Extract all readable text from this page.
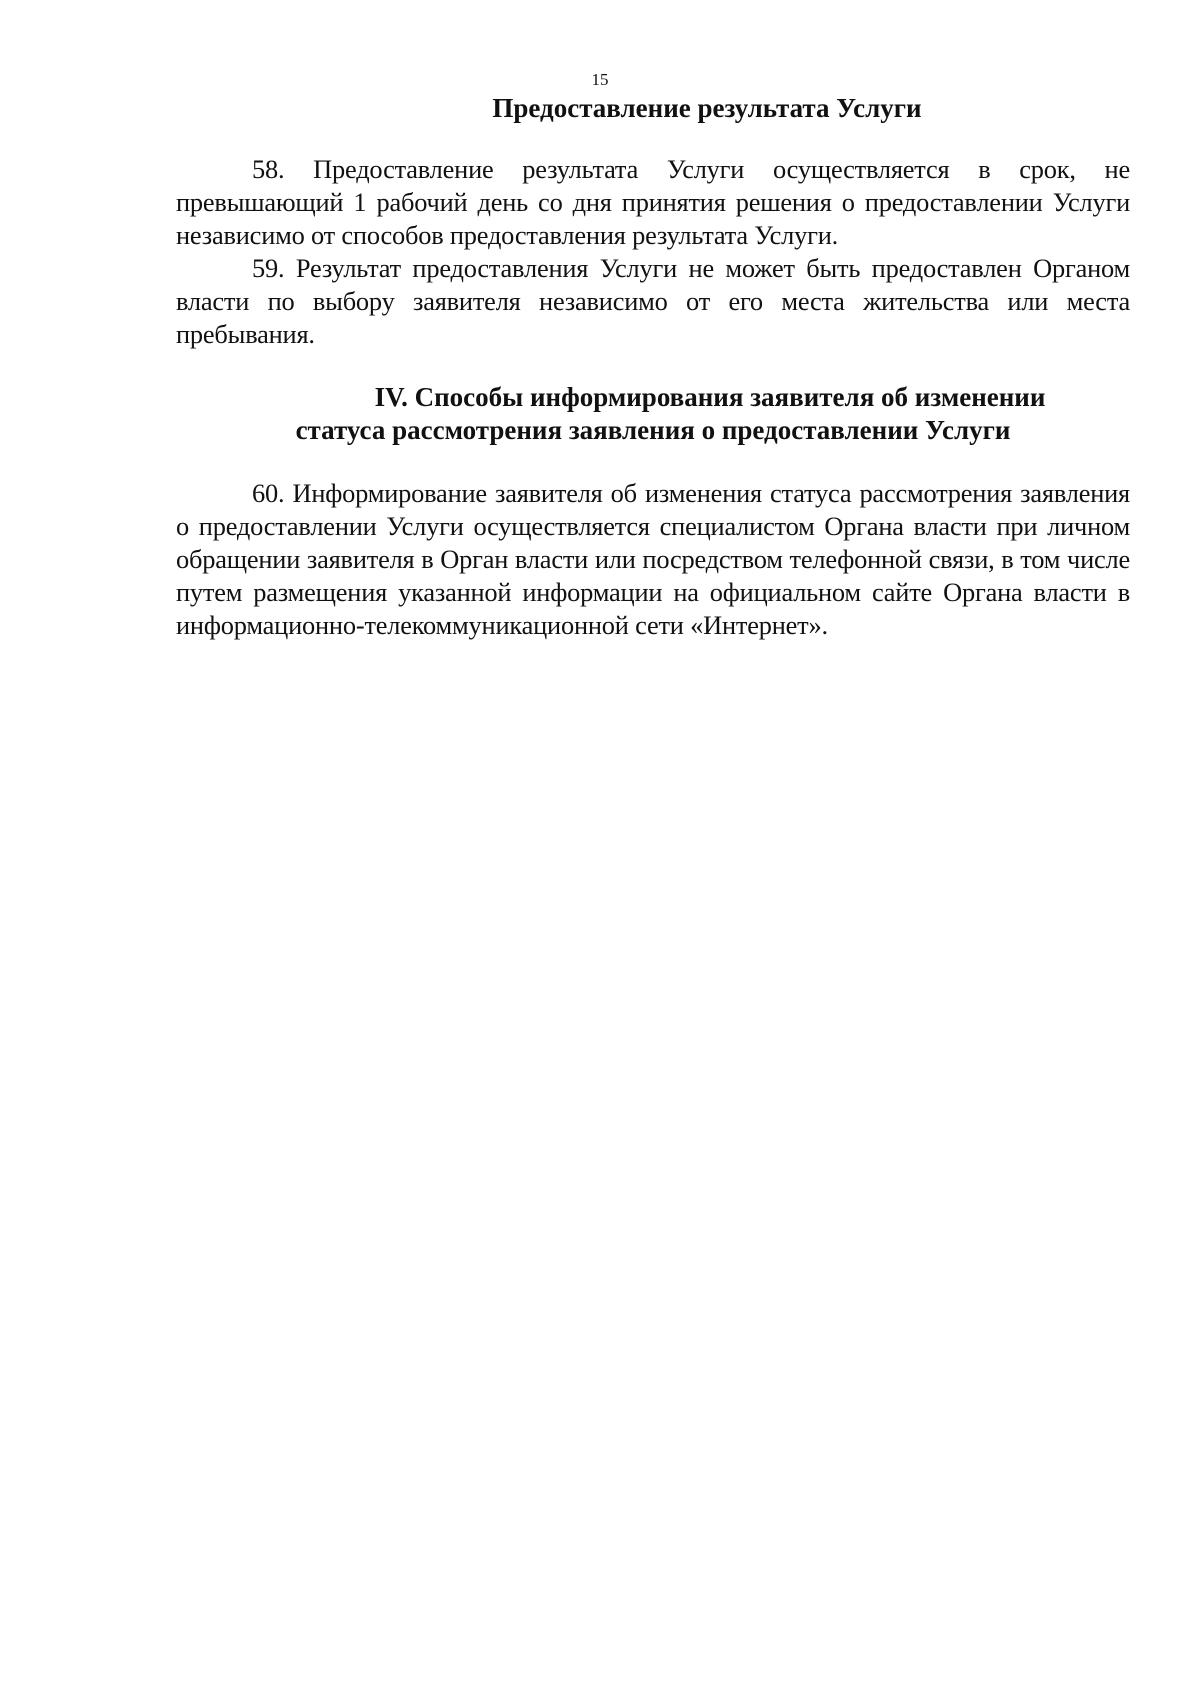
15
Предоставление результата Услуги

58. Предоставление результата Услуги осуществляется в срок, не превышающий 1 рабочий день со дня принятия решения о предоставлении Услуги независимо от способов предоставления результата Услуги.

59. Результат предоставления Услуги не может быть предоставлен Органом власти по выбору заявителя независимо от его места жительства или места пребывания.

IV. Способы информирования заявителя об изменении
статуса рассмотрения заявления о предоставлении Услуги

60. Информирование заявителя об изменения статуса рассмотрения заявления о предоставлении Услуги осуществляется специалистом Органа власти при личном обращении заявителя в Орган власти или посредством телефонной связи, в том числе путем размещения указанной информации на официальном сайте Органа власти в информационно-телекоммуникационной сети «Интернет».
